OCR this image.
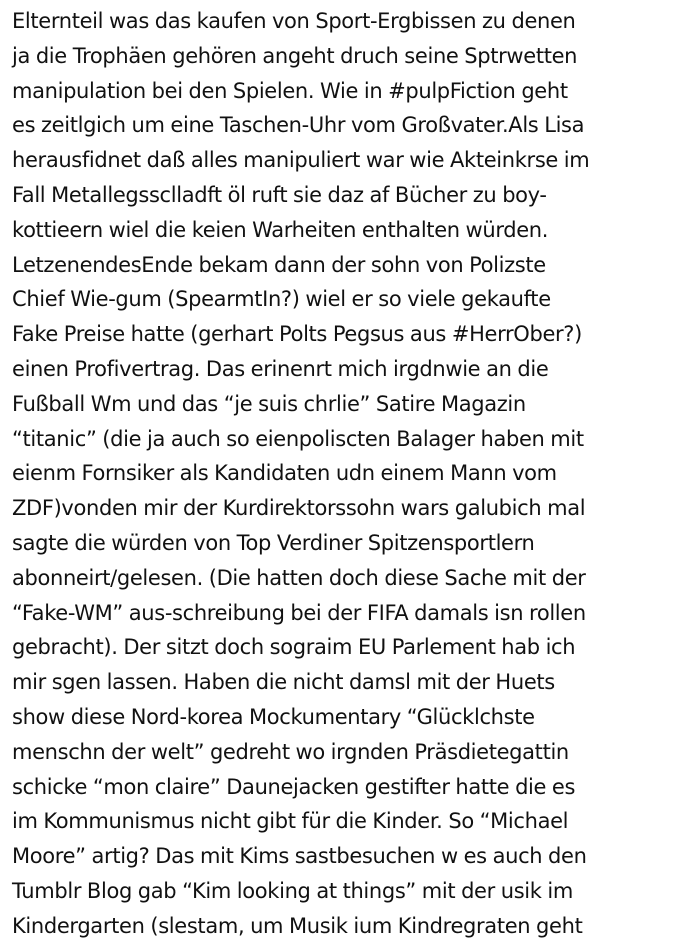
Elternteil was das kaufen von Sport-Ergbissen zu denen
ja die Trophäen gehören angeht druch seine Sptrwetten
manipulation bei den Spielen. Wie in #pulpFiction geht
es zeitlgich um eine Taschen-Uhr vom Großvater.Als Lisa
herausfidnet daß alles manipuliert war wie Akteinkrse im
Fall Metallegssclladft öl ruft sie daz af Bücher zu boy-
kottieern wiel die keien Warheiten enthalten würden.
LetzenendesEnde bekam dann der sohn von Polizste
Chief Wie-gum (SpearmtIn?) wiel er so viele gekaufte
Fake Preise hatte (gerhart Polts Pegsus aus #HerrOber?)
einen Profivertrag. Das erinenrt mich irgdnwie an die
Fußball Wm und das “je suis chrlie” Satire Magazin
“titanic” (die ja auch so eienpoliscten Balager haben mit
eienm Fornsiker als Kandidaten udn einem Mann vom
ZDF)vonden mir der Kurdirektorssohn wars galubich mal
sagte die würden von Top Verdiner Spitzensportlern
abonneirt/gelesen. (Die hatten doch diese Sache mit der
“Fake-WM” aus-schreibung bei der FIFA damals isn rollen
gebracht). Der sitzt doch sograim EU Parlement hab ich
mir sgen lassen. Haben die nicht damsl mit der Huets
show diese Nord-korea Mockumentary “Glücklchste
menschn der welt” gedreht wo irgnden Präsdietegattin
schicke “mon claire” Daunejacken gestifter hatte die es
im Kommunismus nicht gibt für die Kinder. So “Michael
Moore” artig? Das mit Kims sastbesuchen w es auch den
Tumblr Blog gab “Kim looking at things” mit der usik im
Kindergarten (slestam, um Musik ium Kindregraten geht
